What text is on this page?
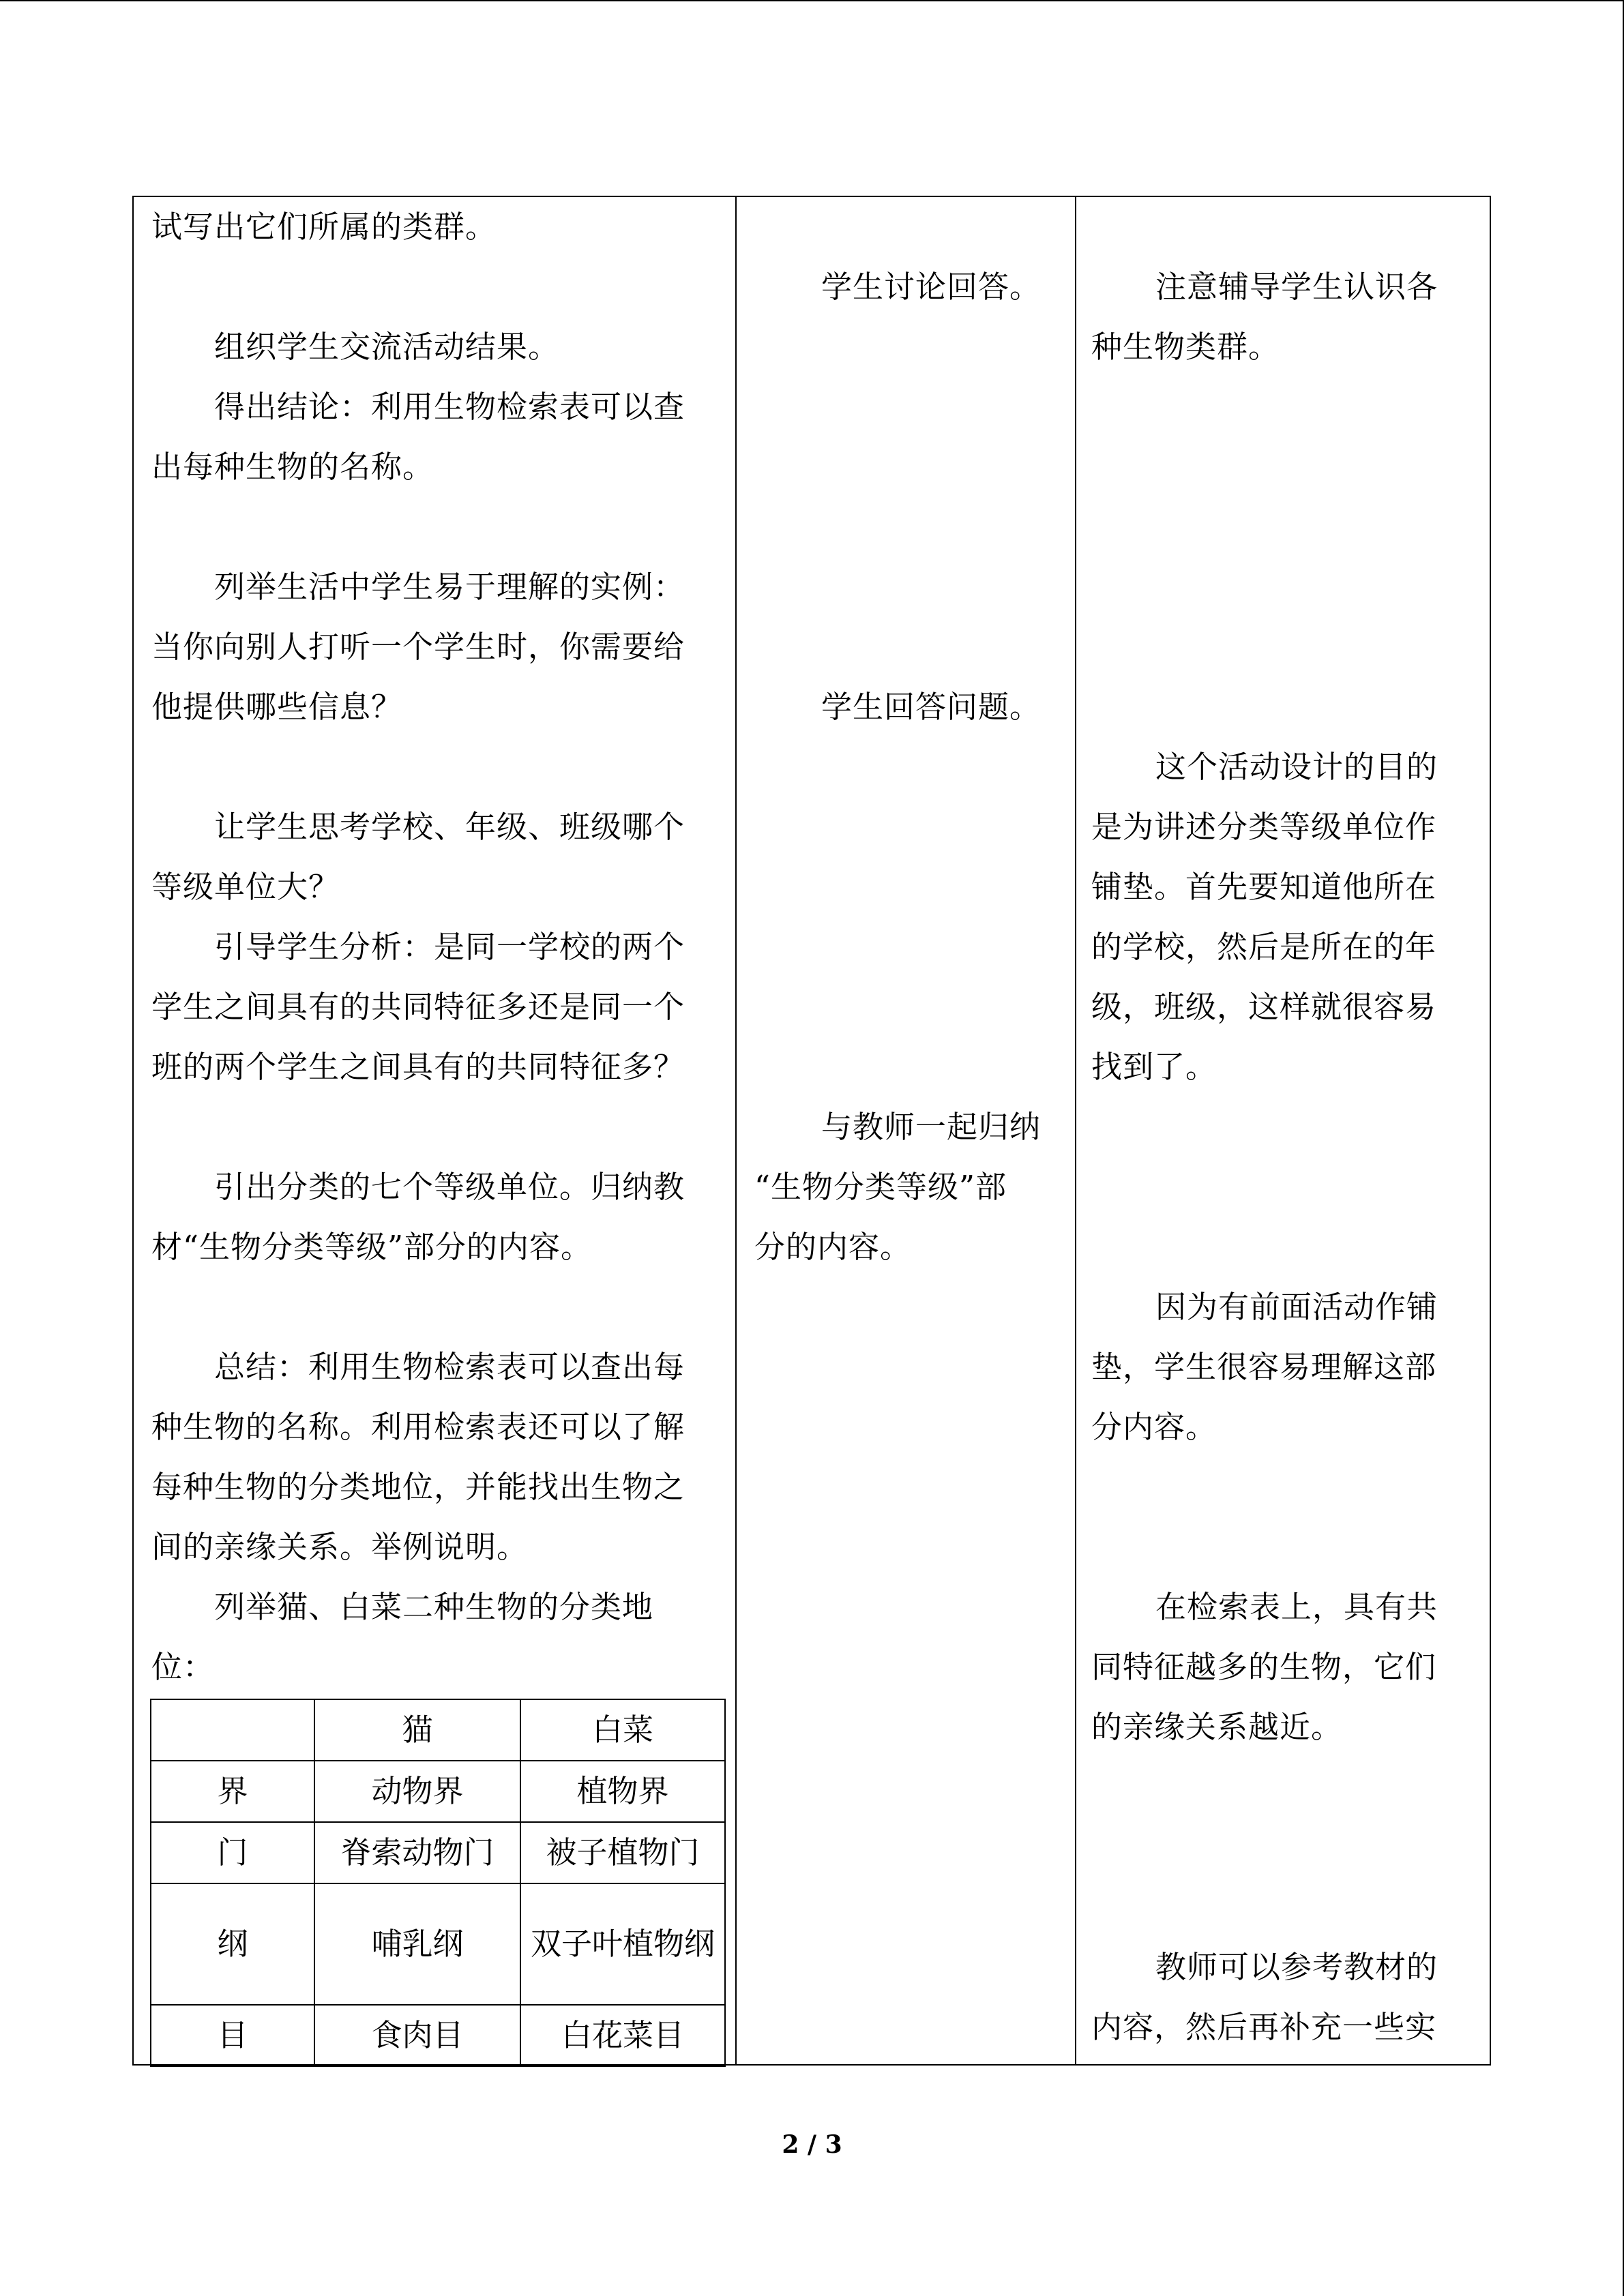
试写出它们所属的类群。
组织学生交流活动结果。
得出结论：利用生物检索表可以查
出每种生物的名称。
列举生活中学生易于理解的实例：
当你向别人打听一个学生时，你需要给
他提供哪些信息？
让学生思考学校、年级、班级哪个
等级单位大？
引导学生分析：是同一学校的两个
学生之间具有的共同特征多还是同一个
班的两个学生之间具有的共同特征多？
引出分类的七个等级单位。归纳教
材“生物分类等级”部分的内容。
总结：利用生物检索表可以查出每
种生物的名称。利用检索表还可以了解
每种生物的分类地位，并能找出生物之
间的亲缘关系。举例说明。
列举猫、白菜二种生物的分类地
位：
	猫	白菜
界	动物界	植物界
门	脊索动物门	被子植物门
纲	哺乳纲	双子叶植物纲
目	食肉目	白花菜目
学生讨论回答。
学生回答问题。
与教师一起归纳
“生物分类等级”部
分的内容。
注意辅导学生认识各
种生物类群。
这个活动设计的目的
是为讲述分类等级单位作
铺垫。首先要知道他所在
的学校，然后是所在的年
级，班级，这样就很容易
找到了。
因为有前面活动作铺
垫，学生很容易理解这部
分内容。
在检索表上，具有共
同特征越多的生物，它们
的亲缘关系越近。
教师可以参考教材的
内容，然后再补充一些实
2 / 3
